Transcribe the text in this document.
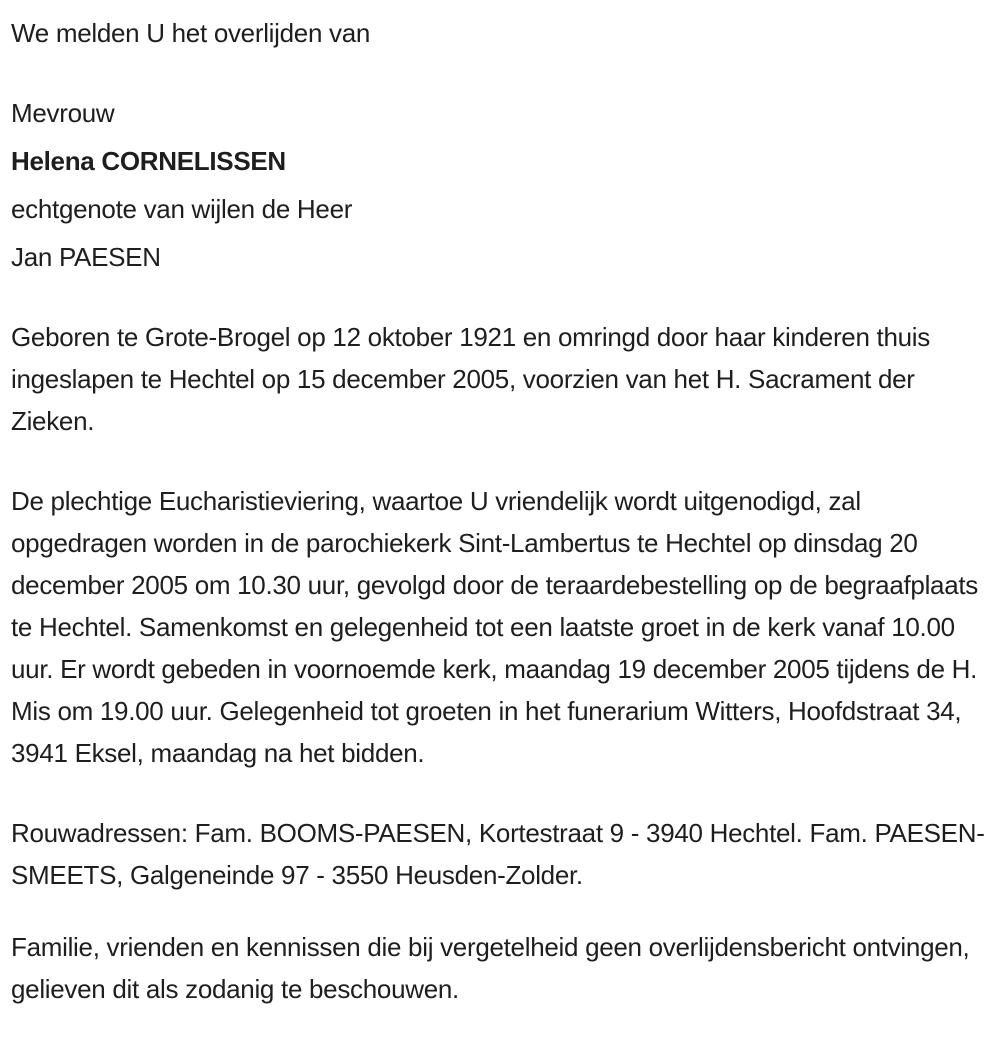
We melden U het overlijden van

Mevrouw

Helena CORNELISSEN

echtgenote van wijlen de Heer

Jan PAESEN

Geboren te Grote-Brogel op 12 oktober 1921 en omringd door haar kinderen thuis ingeslapen te Hechtel op 15 december 2005, voorzien van het H. Sacrament der Zieken.

De plechtige Eucharistieviering, waartoe U vriendelijk wordt uitgenodigd, zal opgedragen worden in de parochiekerk Sint-Lambertus te Hechtel op dinsdag 20 december 2005 om 10.30 uur, gevolgd door de teraardebestelling op de begraafplaats te Hechtel. Samenkomst en gelegenheid tot een laatste groet in de kerk vanaf 10.00 uur. Er wordt gebeden in voornoemde kerk, maandag 19 december 2005 tijdens de H. Mis om 19.00 uur. Gelegenheid tot groeten in het funerarium Witters, Hoofdstraat 34, 3941 Eksel, maandag na het bidden.

Rouwadressen: Fam. BOOMS-PAESEN, Kortestraat 9 - 3940 Hechtel. Fam. PAESEN-SMEETS, Galgeneinde 97 - 3550 Heusden-Zolder.

Familie, vrienden en kennissen die bij vergetelheid geen overlijdensbericht ontvingen, gelieven dit als zodanig te beschouwen.
